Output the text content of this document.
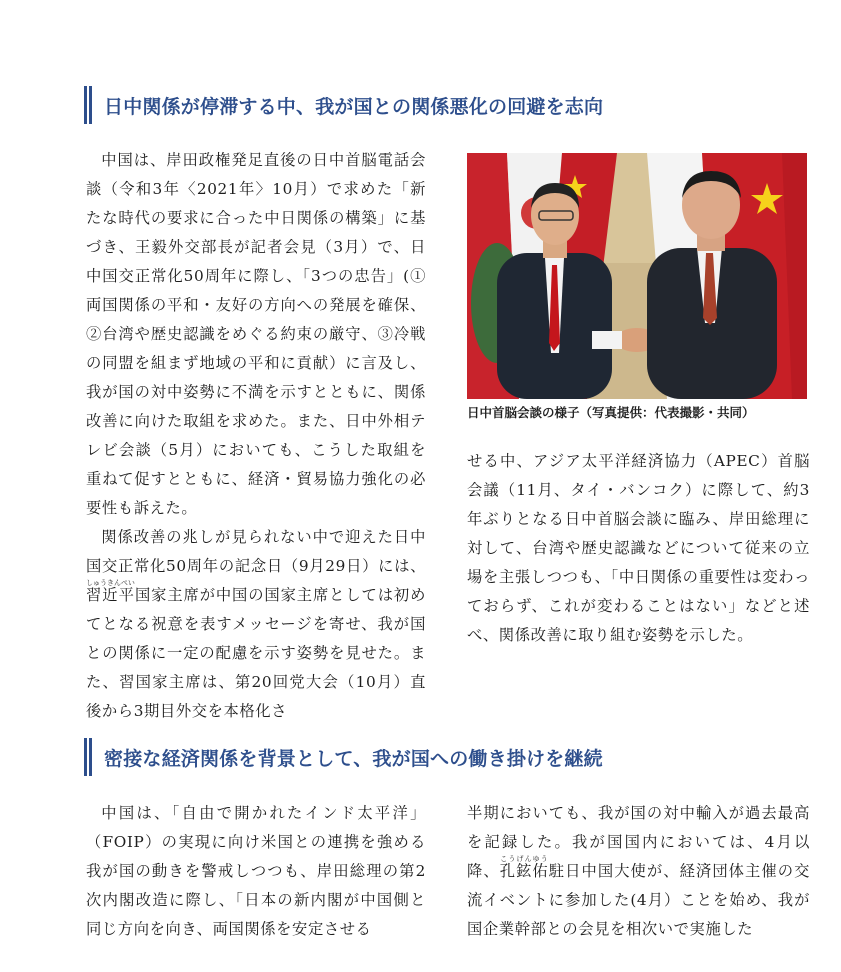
日中関係が停滞する中、我が国との関係悪化の回避を志向

中国は、岸田政権発足直後の日中首脳電話会談（令和3年〈2021年〉10月）で求めた「新たな時代の要求に合った中日関係の構築」に基づき、王毅外交部長が記者会見（3月）で、日中国交正常化50周年に際し、「3つの忠告」(①両国関係の平和・友好の方向への発展を確保、②台湾や歴史認識をめぐる約束の厳守、③冷戦の同盟を組まず地域の平和に貢献）に言及し、我が国の対中姿勢に不満を示すとともに、関係改善に向けた取組を求めた。また、日中外相テレビ会談（5月）においても、こうした取組を重ねて促すとともに、経済・貿易協力強化の必要性も訴えた。

関係改善の兆しが見られない中で迎えた日中国交正常化50周年の記念日（9月29日）には、習近平しゅうきんぺい国家主席が中国の国家主席としては初めてとなる祝意を表すメッセージを寄せ、我が国との関係に一定の配慮を示す姿勢を見せた。また、習国家主席は、第20回党大会（10月）直後から3期目外交を本格化さ

日中首脳会談の様子（写真提供：代表撮影・共同）

せる中、アジア太平洋経済協力（APEC）首脳会議（11月、タイ・バンコク）に際して、約3年ぶりとなる日中首脳会談に臨み、岸田総理に対して、台湾や歴史認識などについて従来の立場を主張しつつも、「中日関係の重要性は変わっておらず、これが変わることはない」などと述べ、関係改善に取り組む姿勢を示した。

密接な経済関係を背景として、我が国への働き掛けを継続

中国は、「自由で開かれたインド太平洋」（FOIP）の実現に向け米国との連携を強める我が国の動きを警戒しつつも、岸田総理の第2次内閣改造に際し、「日本の新内閣が中国側と同じ方向を向き、両国関係を安定させる

半期においても、我が国の対中輸入が過去最高を記録した。我が国国内においては、4月以降、孔鉉佑こうげんゆう駐日中国大使が、経済団体主催の交流イベントに参加した(4月）ことを始め、我が国企業幹部との会見を相次いで実施した
